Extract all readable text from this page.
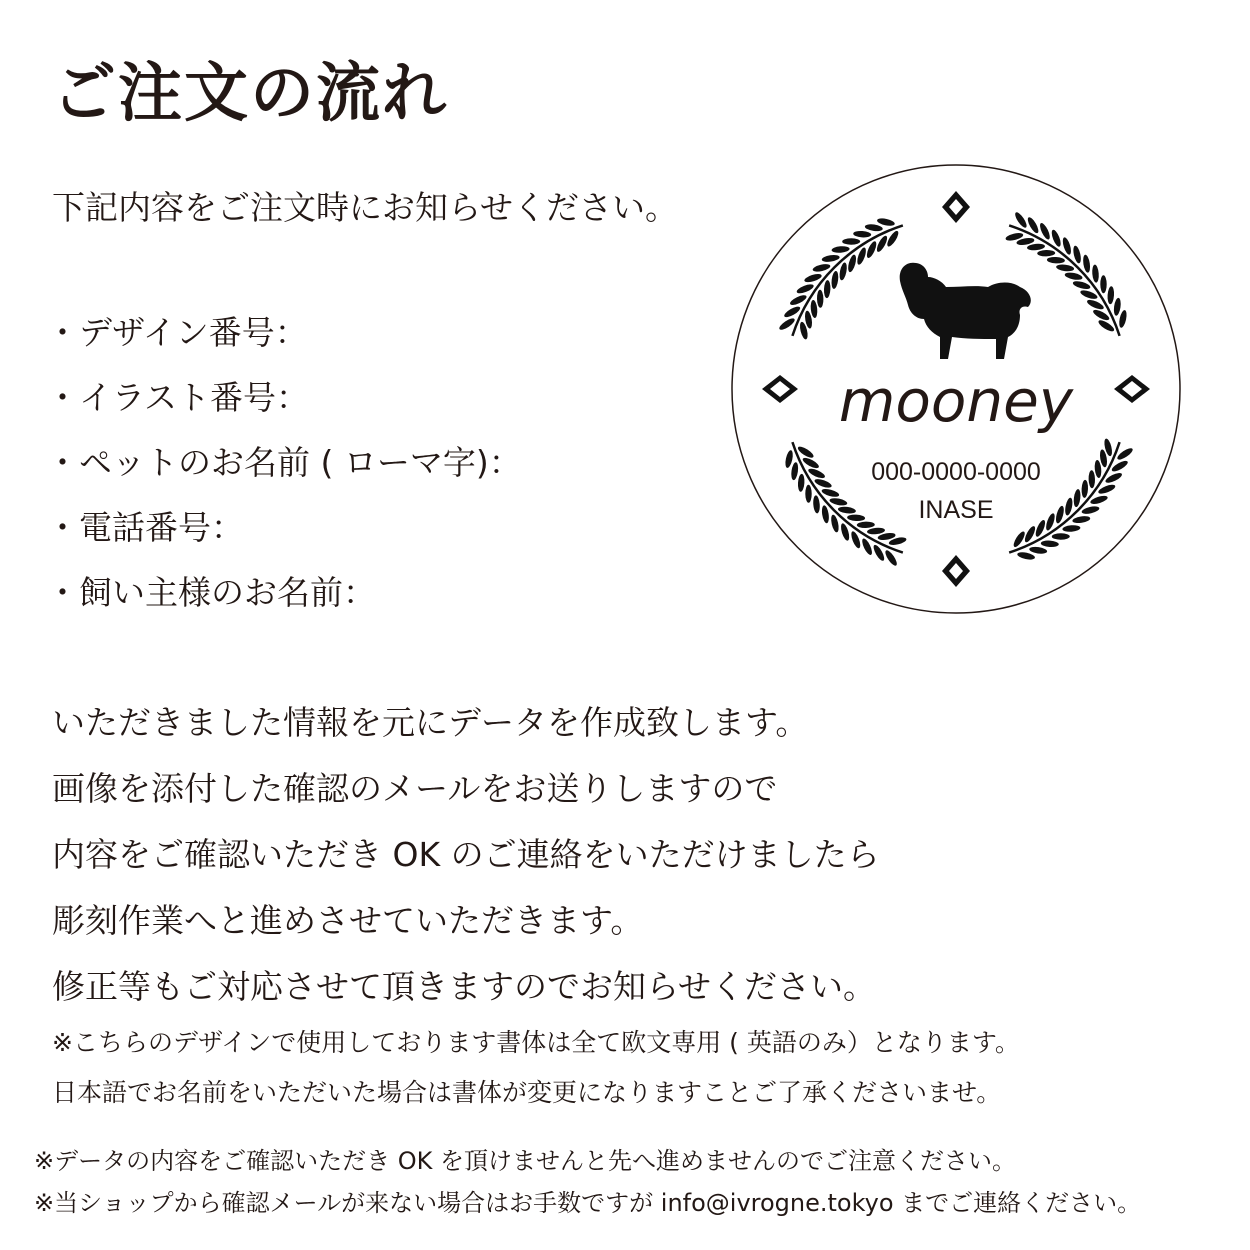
ご注文の流れ
下記内容をご注文時にお知らせください。
・デザイン番号：
・イラスト番号：
・ペットのお名前 ( ローマ字)：
・電話番号：
・飼い主様のお名前：
いただきました情報を元にデータを作成致します。
画像を添付した確認のメールをお送りしますので
内容をご確認いただき OK のご連絡をいただけましたら
彫刻作業へと進めさせていただきます。
修正等もご対応させて頂きますのでお知らせください。
※こちらのデザインで使用しております書体は全て欧文専用 ( 英語のみ）となります。
日本語でお名前をいただいた場合は書体が変更になりますことご了承くださいませ。
※データの内容をご確認いただき OK を頂けませんと先へ進めませんのでご注意ください。
※当ショップから確認メールが来ない場合はお手数ですが info@ivrogne.tokyo までご連絡ください。
mooney
000-0000-0000
INASE
